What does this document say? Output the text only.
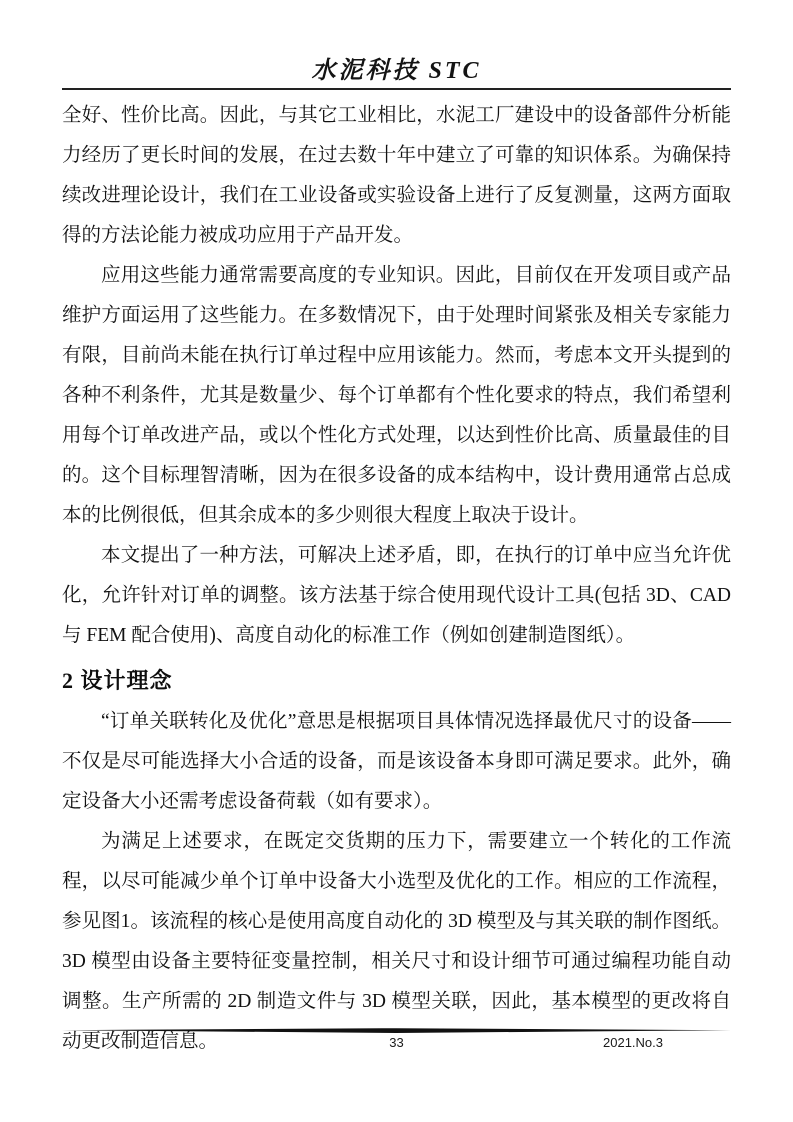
水泥科技 STC

全好、性价比高。因此，与其它工业相比，水泥工厂建设中的设备部件分析能力经历了更长时间的发展，在过去数十年中建立了可靠的知识体系。为确保持续改进理论设计，我们在工业设备或实验设备上进行了反复测量，这两方面取得的方法论能力被成功应用于产品开发。

应用这些能力通常需要高度的专业知识。因此，目前仅在开发项目或产品维护方面运用了这些能力。在多数情况下，由于处理时间紧张及相关专家能力有限，目前尚未能在执行订单过程中应用该能力。然而，考虑本文开头提到的各种不利条件，尤其是数量少、每个订单都有个性化要求的特点，我们希望利用每个订单改进产品，或以个性化方式处理，以达到性价比高、质量最佳的目的。这个目标理智清晰，因为在很多设备的成本结构中，设计费用通常占总成本的比例很低，但其余成本的多少则很大程度上取决于设计。

本文提出了一种方法，可解决上述矛盾，即，在执行的订单中应当允许优化，允许针对订单的调整。该方法基于综合使用现代设计工具(包括 3D、CAD 与 FEM 配合使用)、高度自动化的标准工作（例如创建制造图纸）。

2 设计理念

“订单关联转化及优化”意思是根据项目具体情况选择最优尺寸的设备——不仅是尽可能选择大小合适的设备，而是该设备本身即可满足要求。此外，确定设备大小还需考虑设备荷载（如有要求）。

为满足上述要求，在既定交货期的压力下，需要建立一个转化的工作流程，以尽可能减少单个订单中设备大小选型及优化的工作。相应的工作流程，参见图1。该流程的核心是使用高度自动化的 3D 模型及与其关联的制作图纸。3D 模型由设备主要特征变量控制，相关尺寸和设计细节可通过编程功能自动调整。生产所需的 2D 制造文件与 3D 模型关联，因此，基本模型的更改将自动更改制造信息。	33	2021.No.3
